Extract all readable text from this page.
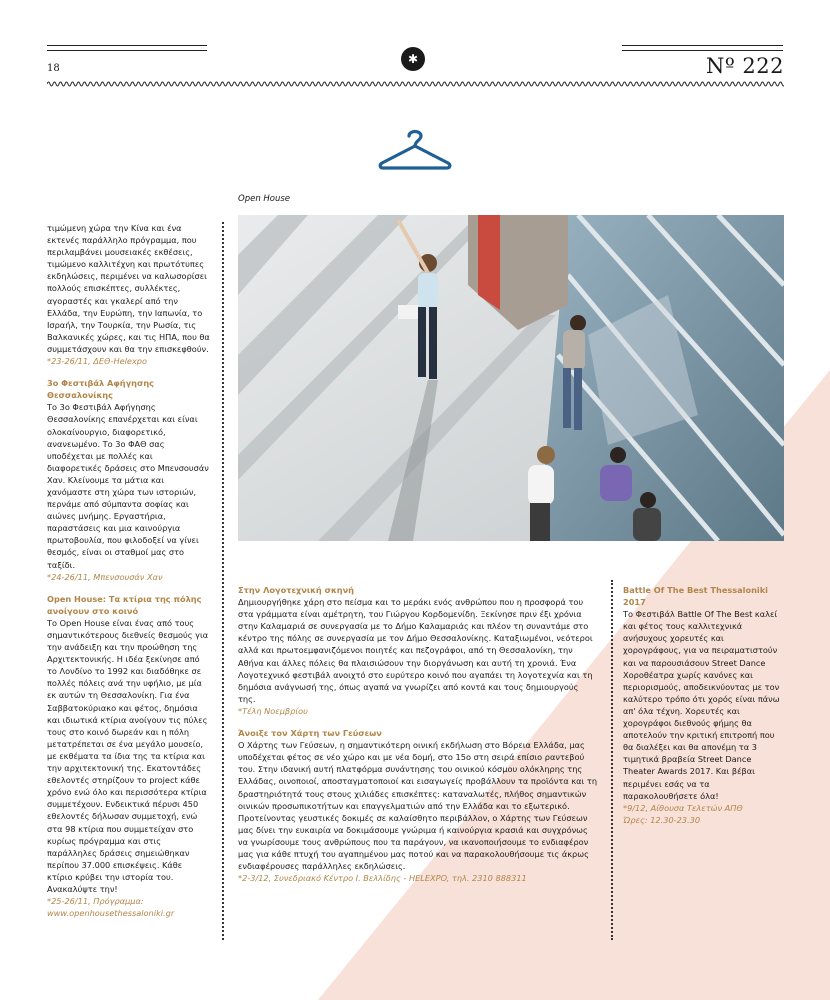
18
✱	Nº 222
Open House

τιμώμενη χώρα την Κίνα και ένα εκτενές παράλληλο πρόγραμμα, που περιλαμβάνει μουσειακές εκθέσεις, τιμώμενο καλλιτέχνη και πρωτότυπες εκδηλώσεις, περιμένει να καλωσορίσει πολλούς επισκέπτες, συλλέκτες, αγοραστές και γκαλερί από την Ελλάδα, την Ευρώπη, την Ιαπωνία, το Ισραήλ, την Τουρκία, την Ρωσία, τις Βαλκανικές χώρες, και τις ΗΠΑ, που θα συμμετάσχουν και θα την επισκεφθούν.

*23-26/11, ΔΕΘ-Helexpo

3ο Φεστιβάλ Αφήγησης Θεσσαλονίκης

Το 3ο Φεστιβάλ Αφήγησης Θεσσαλονίκης επανέρχεται και είναι ολοκαίνουργιο, διαφορετικό, ανανεωμένο. Το 3ο ΦΑΘ σας υποδέχεται με πολλές και διαφορετικές δράσεις στο Μπενσουσάν Χαν. Κλείνουμε τα μάτια και χανόμαστε στη χώρα των ιστοριών, περνάμε από σύμπαντα σοφίας και αιώνες μνήμης. Εργαστήρια, παραστάσεις και μια καινούργια πρωτοβουλία, που φιλοδοξεί να γίνει θεσμός, είναι οι σταθμοί μας στο ταξίδι.

*24-26/11, Μπενσουσάν Χαν

Open House: Τα κτίρια της πόλης ανοίγουν στο κοινό

Το Open House είναι ένας από τους σημαντικότερους διεθνείς θεσμούς για την ανάδειξη και την προώθηση της Αρχιτεκτονικής. Η ιδέα ξεκίνησε από το Λονδίνο το 1992 και διαδόθηκε σε πολλές πόλεις ανά την υφήλιο, με μία εκ αυτών τη Θεσσαλονίκη. Για ένα Σαββατοκύριακο και φέτος, δημόσια και ιδιωτικά κτίρια ανοίγουν τις πύλες τους στο κοινό δωρεάν και η πόλη μετατρέπεται σε ένα μεγάλο μουσείο, με εκθέματα τα ίδια της τα κτίρια και την αρχιτεκτονική της. Εκατοντάδες εθελοντές στηρίζουν το project κάθε χρόνο ενώ όλο και περισσότερα κτίρια συμμετέχουν. Ενδεικτικά πέρυσι 450 εθελοντές δήλωσαν συμμετοχή, ενώ στα 98 κτίρια που συμμετείχαν στο κυρίως πρόγραμμα και στις παράλληλες δράσεις σημειώθηκαν περίπου 37.000 επισκέψεις. Κάθε κτίριο κρύβει την ιστορία του. Ανακαλύψτε την!

*25-26/11, Πρόγραμμα: www.openhousethessaloniki.gr

Στην Λογοτεχνική σκηνή

Δημιουργήθηκε χάρη στο πείσμα και το μεράκι ενός ανθρώπου που η προσφορά του στα γράμματα είναι αμέτρητη, του Γιώργου Κορδομενίδη. Ξεκίνησε πριν έξι χρόνια στην Καλαμαριά σε συνεργασία με το Δήμο Καλαμαριάς και πλέον τη συναντάμε στο κέντρο της πόλης σε συνεργασία με τον Δήμο Θεσσαλονίκης. Καταξιωμένοι, νεότεροι αλλά και πρωτοεμφανιζόμενοι ποιητές και πεζογράφοι, από τη Θεσσαλονίκη, την Αθήνα και άλλες πόλεις θα πλαισιώσουν την διοργάνωση και αυτή τη χρονιά. Ένα Λογοτεχνικό φεστιβάλ ανοιχτό στο ευρύτερο κοινό που αγαπάει τη λογοτεχνία και τη δημόσια ανάγνωσή της, όπως αγαπά να γνωρίζει από κοντά και τους δημιουργούς της.

*Τέλη Νοεμβρίου

Άνοιξε τον Χάρτη των Γεύσεων

Ο Χάρτης των Γεύσεων, η σημαντικότερη οινική εκδήλωση στο Βόρεια Ελλάδα, μας υποδέχεται φέτος σε νέο χώρο και με νέα δομή, στο 15ο στη σειρά επίσιο ραντεβού του. Στην ιδανική αυτή πλατφόρμα συνάντησης του οινικού κόσμου ολόκληρης της Ελλάδας, οινοποιοί, αποσταγματοποιοί και εισαγωγείς προβάλλουν τα προϊόντα και τη δραστηριότητά τους στους χιλιάδες επισκέπτες: καταναλωτές, πλήθος σημαντικών οινικών προσωπικοτήτων και επαγγελματιών από την Ελλάδα και το εξωτερικό. Προτείνοντας γευστικές δοκιμές σε καλαίσθητο περιβάλλον, ο Χάρτης των Γεύσεων μας δίνει την ευκαιρία να δοκιμάσουμε γνώριμα ή καινούργια κρασιά και συγχρόνως να γνωρίσουμε τους ανθρώπους που τα παράγουν, να ικανοποιήσουμε το ενδιαφέρον μας για κάθε πτυχή του αγαπημένου μας ποτού και να παρακολουθήσουμε τις άκρως ενδιαφέρουσες παράλληλες εκδηλώσεις.

*2-3/12, Συνεδριακό Κέντρο Ι. Βελλίδης - HELEXPO, τηλ. 2310 888311

Battle Of The Best Thessaloniki 2017

Το Φεστιβάλ Battle Of The Best καλεί και φέτος τους καλλιτεχνικά ανήσυχους χορευτές και χορογράφους, για να πειραματιστούν και να παρουσιάσουν Street Dance Χοροθέατρα χωρίς κανόνες και περιορισμούς, αποδεικνύοντας με τον καλύτερο τρόπο ότι χορός είναι πάνω απ' όλα τέχνη. Χορευτές και χορογράφοι διεθνούς φήμης θα αποτελούν την κριτική επιτροπή που θα διαλέξει και θα απονέμη τα 3 τιμητικά βραβεία Street Dance Theater Awards 2017. Και βέβαι περιμένει εσάς να τα παρακολουθήσετε όλα!

*9/12, Αίθουσα Τελετών ΑΠΘ

Ώρες: 12.30-23.30
